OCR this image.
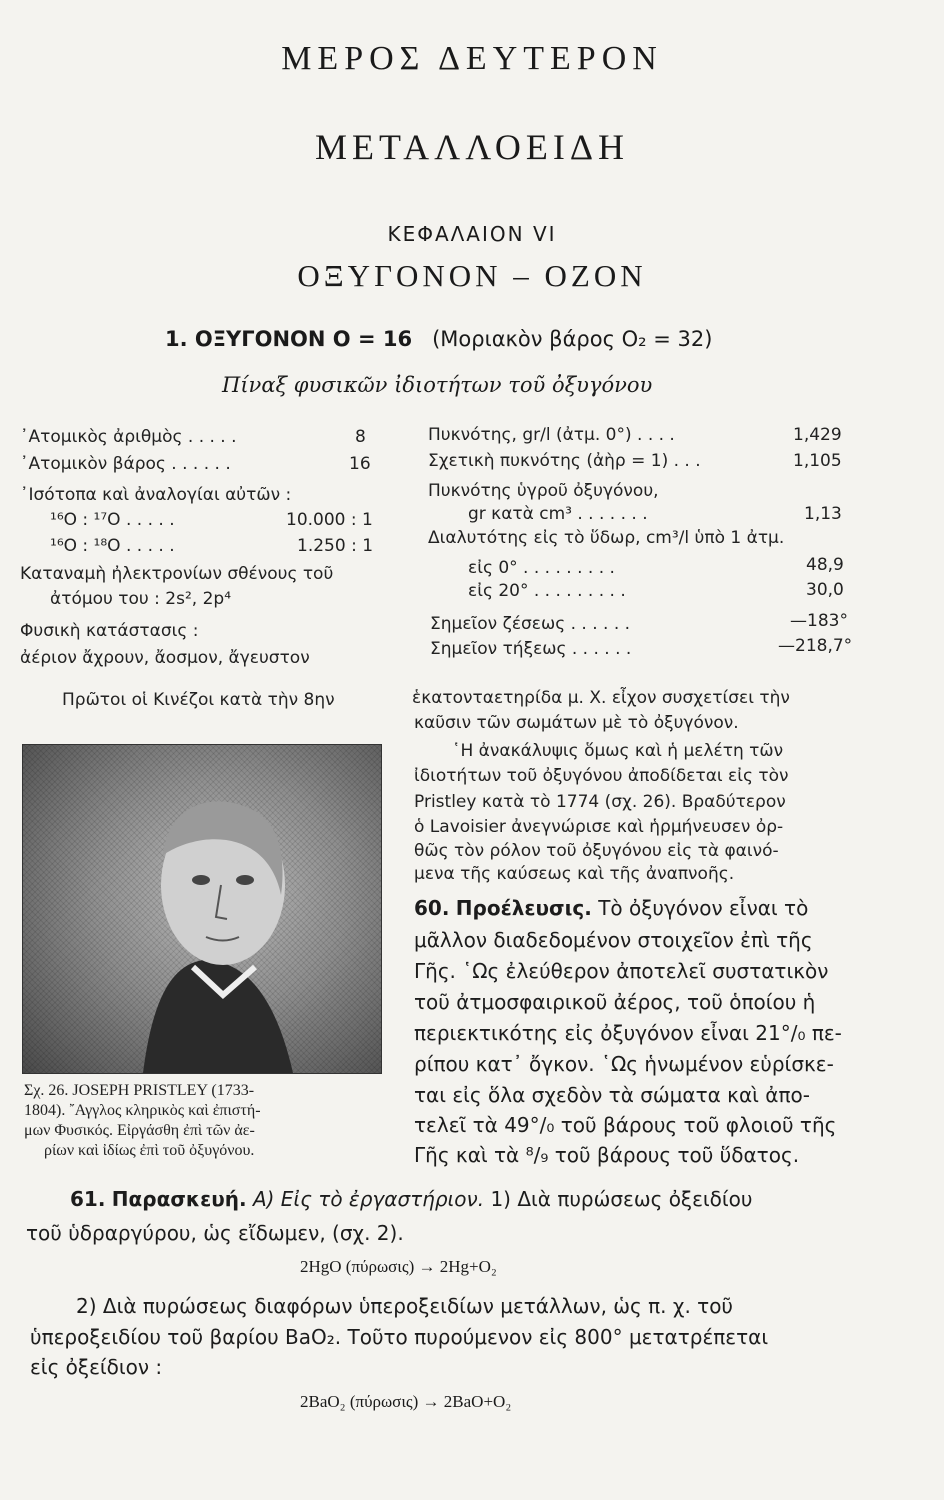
ΜΕΡΟΣ ΔΕΥΤΕΡΟΝ
ΜΕΤΑΛΛΟΕΙΔΗ
ΚΕΦΑΛΑΙΟΝ VI
ΟΞΥΓΟΝΟΝ – ΟΖΟΝ
1. ΟΞΥΓΟΝΟΝ Ο = 16 (Μοριακὸν βάρος Ο₂ = 32)
Πίναξ φυσικῶν ἰδιοτήτων τοῦ ὀξυγόνου
᾿Ατομικὸς ἀριθμὸς . . . . .	8
᾿Ατομικὸν βάρος . . . . . .	16
᾿Ισότοπα καὶ ἀναλογίαι αὐτῶν :
¹⁶O : ¹⁷O . . . . .	10.000 : 1
¹⁶O : ¹⁸O . . . . .	1.250 : 1
Καταναμὴ ἠλεκτρονίων σθένους τοῦ
ἀτόμου του : 2s², 2p⁴
Φυσικὴ κατάστασις :
ἀέριον ἄχρουν, ἄοσμον, ἄγευστον
Πυκνότης, gr/l (ἀτμ. 0°) . . . .	1,429
Σχετικὴ πυκνότης (ἀὴρ = 1) . . .	1,105
Πυκνότης ὑγροῦ ὀξυγόνου,
gr κατὰ cm³ . . . . . . .	1,13
Διαλυτότης εἰς τὸ ὕδωρ, cm³/l ὑπὸ 1 ἀτμ.
εἰς 0° . . . . . . . . .	48,9
εἰς 20° . . . . . . . . .	30,0
Σημεῖον ζέσεως . . . . . .	—183°
Σημεῖον τήξεως . . . . . .	—218,7°
Πρῶτοι οἱ Κινέζοι κατὰ τὴν 8ην	ἑκατονταετηρίδα μ. Χ. εἶχον συσχετίσει τὴν
καῦσιν τῶν σωμάτων μὲ τὸ ὀξυγόνον.
῾Η ἀνακάλυψις ὅμως καὶ ἡ μελέτη τῶν
ἰδιοτήτων τοῦ ὀξυγόνου ἀποδίδεται εἰς τὸν
Pristley κατὰ τὸ 1774 (σχ. 26). Βραδύτερον
ὁ Lavoisier ἀνεγνώρισε καὶ ἡρμήνευσεν ὀρ-
θῶς τὸν ρόλον τοῦ ὀξυγόνου εἰς τὰ φαινό-
μενα τῆς καύσεως καὶ τῆς ἀναπνοῆς.
Σχ. 26. JOSEPH PRISTLEY (1733-
1804). ῎Αγγλος κληρικὸς καὶ ἐπιστή-
μων Φυσικός. Εἰργάσθη ἐπὶ τῶν ἀε-
ρίων καὶ ἰδίως ἐπὶ τοῦ ὀξυγόνου.
60. Προέλευσις. Τὸ ὀξυγόνον εἶναι τὸ
μᾶλλον διαδεδομένον στοιχεῖον ἐπὶ τῆς
Γῆς. ῾Ως ἐλεύθερον ἀποτελεῖ συστατικὸν
τοῦ ἀτμοσφαιρικοῦ ἀέρος, τοῦ ὁποίου ἡ
περιεκτικότης εἰς ὀξυγόνον εἶναι 21°/₀ πε-
ρίπου κατ᾿ ὄγκον. ῾Ως ἡνωμένον εὑρίσκε-
ται εἰς ὅλα σχεδὸν τὰ σώματα καὶ ἀπο-
τελεῖ τὰ 49°/₀ τοῦ βάρους τοῦ φλοιοῦ τῆς
Γῆς καὶ τὰ ⁸/₉ τοῦ βάρους τοῦ ὕδατος.
61. Παρασκευή. Α) Εἰς τὸ ἐργαστήριον. 1) Διὰ πυρώσεως ὀξειδίου
τοῦ ὑδραργύρου, ὡς εἴδωμεν, (σχ. 2).
2HgO (πύρωσις) → 2Hg+O₂
2) Διὰ πυρώσεως διαφόρων ὑπεροξειδίων μετάλλων, ὡς π. χ. τοῦ
ὑπεροξειδίου τοῦ βαρίου BaO₂. Τοῦτο πυρούμενον εἰς 800° μετατρέπεται
εἰς ὀξείδιον :
2BaO₂ (πύρωσις) → 2BaO+O₂
